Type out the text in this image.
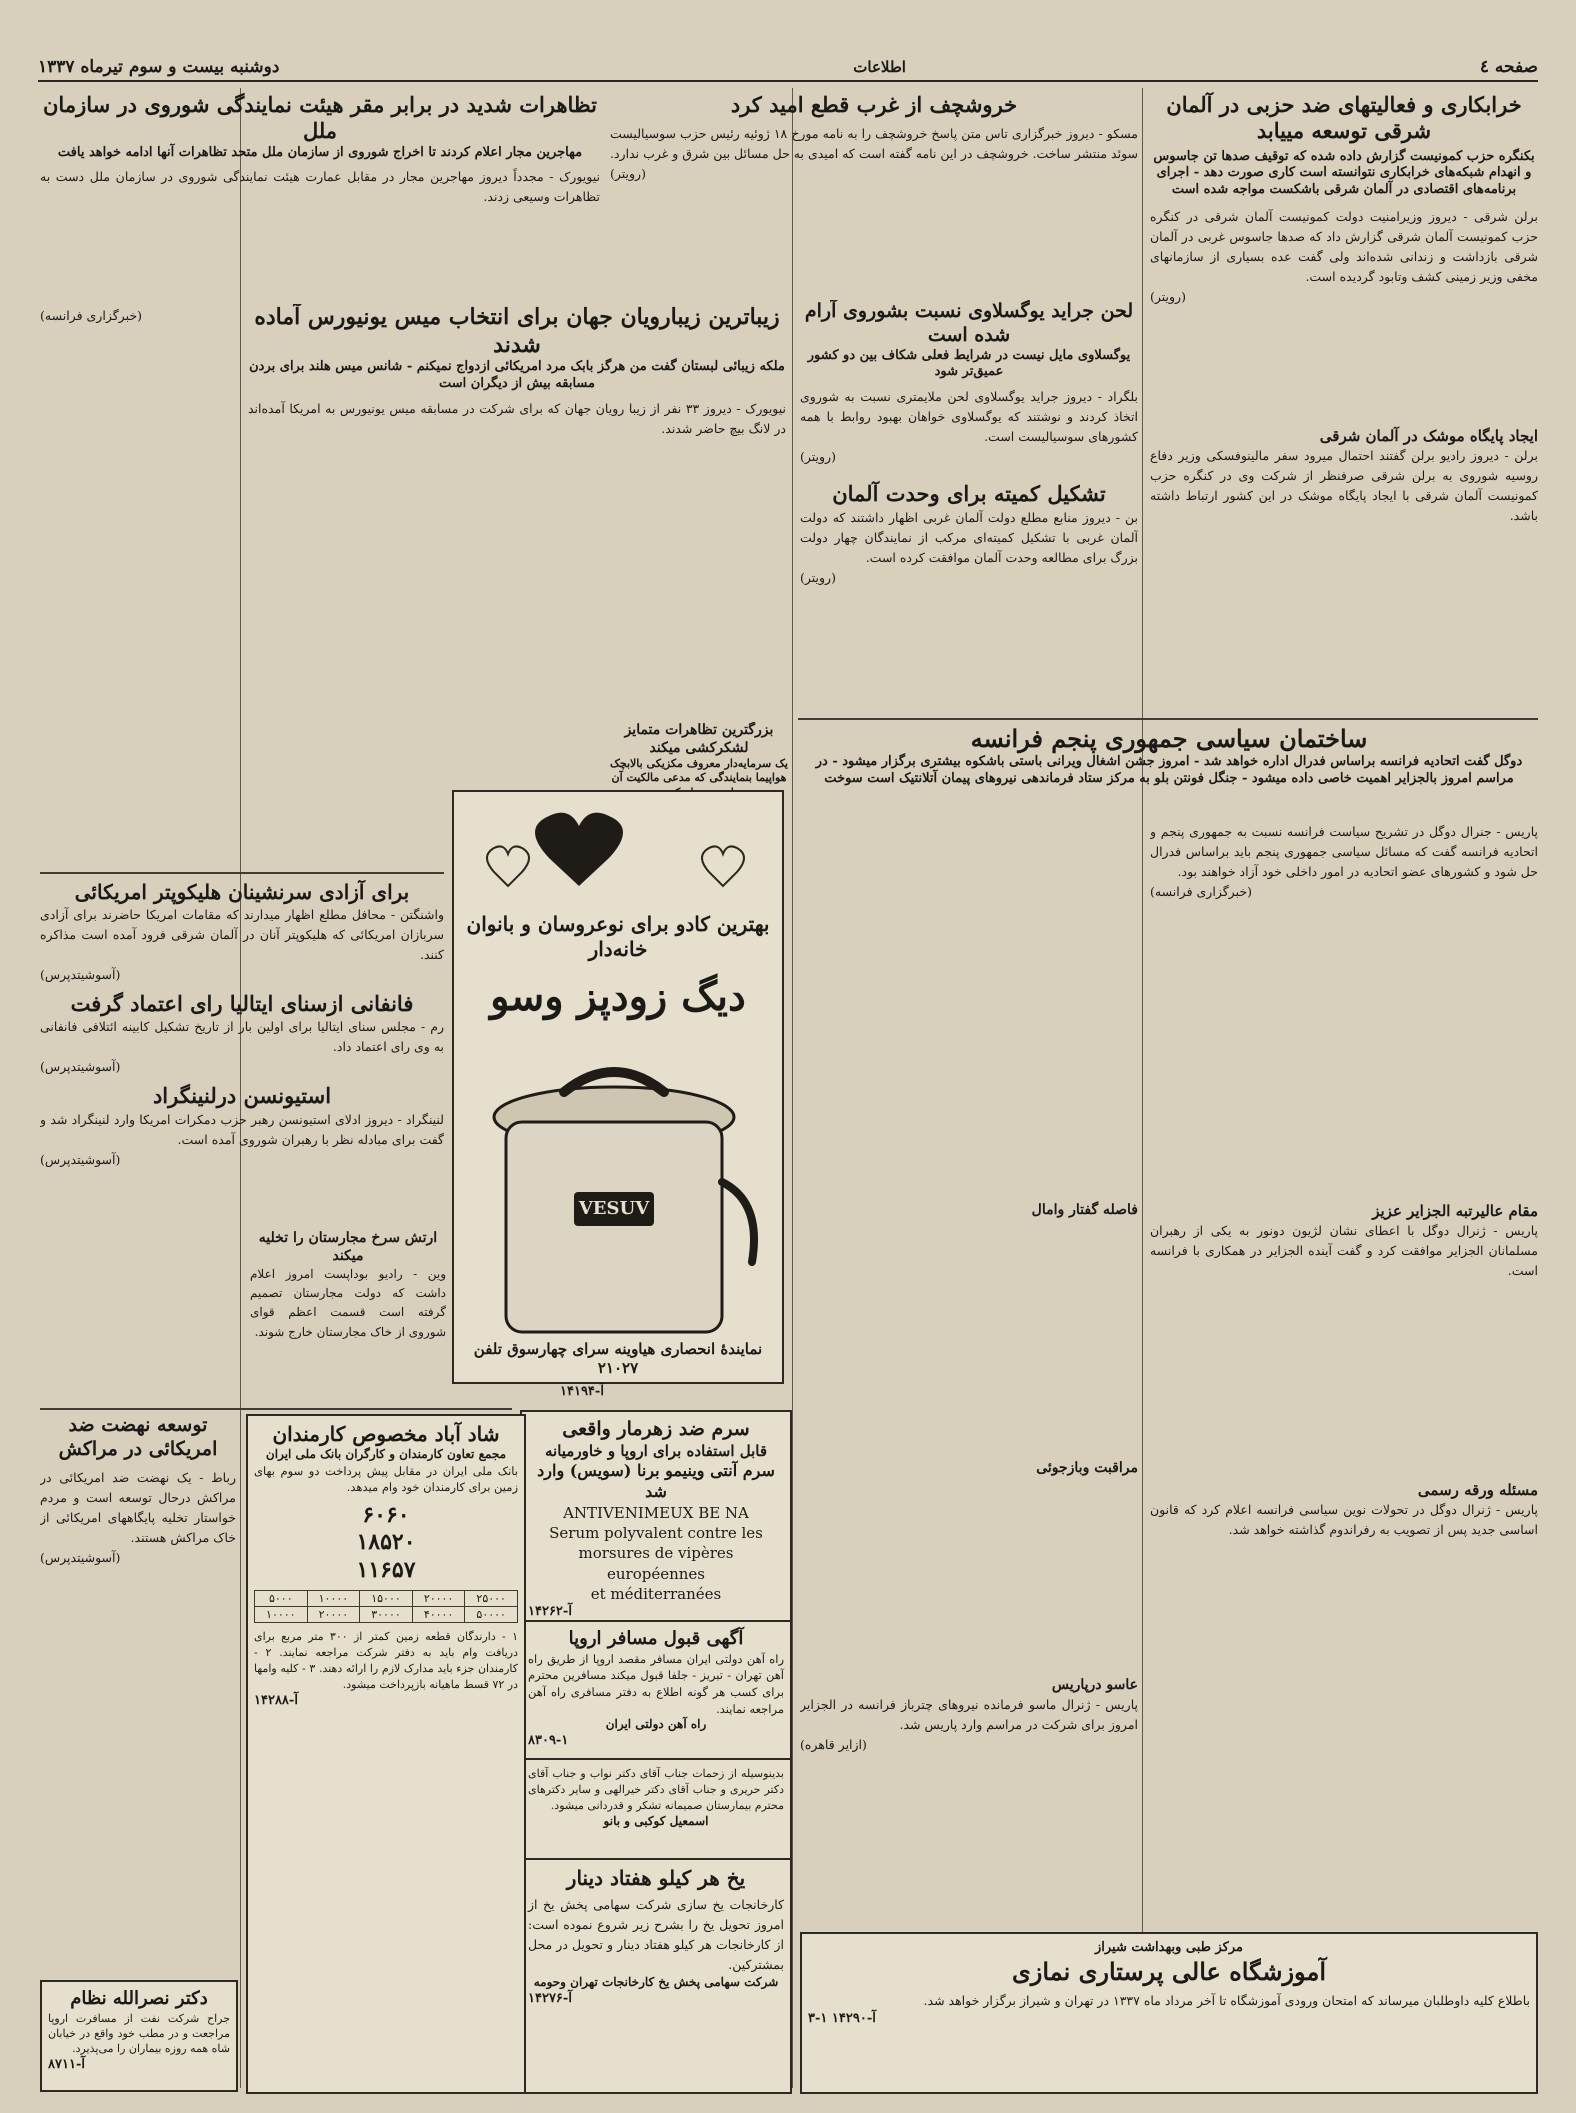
صفحه ٤
اطلاعات
دوشنبه بیست و سوم تیرماه ۱۳۳۷
خرابکاری و فعالیتهای ضد حزبی در آلمان شرقی توسعه مییابد
بکنگره حزب کمونیست گزارش داده شده که توقیف صدها تن جاسوس و انهدام شبکه‌های خرابکاری نتوانسته است کاری صورت دهد - اجرای برنامه‌های اقتصادی در آلمان شرقی باشکست مواجه شده است
برلن شرقی - دیروز وزیرامنیت دولت کمونیست آلمان شرقی در کنگره حزب کمونیست آلمان شرقی گزارش داد که صدها جاسوس غربی در آلمان شرقی بازداشت و زندانی شده‌اند ولی گفت عده بسیاری از سازمانهای مخفی وزیر زمینی کشف وتابود گردیده است.
(رویتر)
ایجاد پایگاه موشک در آلمان شرقی
برلن - دیروز رادیو برلن گفتند احتمال میرود سفر مالینوفسکی وزیر دفاع روسیه شوروی به برلن شرقی صرفنظر از شرکت وی در کنگره حزب کمونیست آلمان شرقی با ایجاد پایگاه موشک در این کشور ارتباط داشته باشد.
ساختمان سیاسی جمهوری پنجم فرانسه
دوگل گفت اتحادیه فرانسه براساس فدرال اداره خواهد شد - امروز جشن اشغال ویرانی باستی باشکوه بیشتری برگزار میشود - در مراسم امروز بالجزایر اهمیت خاصی داده میشود - جنگل فونتن بلو به مرکز ستاد فرماندهی نیروهای پیمان آتلانتیک است سوخت
پاریس - جنرال دوگل در تشریح سیاست فرانسه نسبت به جمهوری پنجم و اتحادیه فرانسه گفت که مسائل سیاسی جمهوری پنجم باید براساس فدرال حل شود و کشورهای عضو اتحادیه در امور داخلی خود آزاد خواهند بود.
(خبرگزاری فرانسه)
مقام عالیرتبه الجزایر عزیز
پاریس - ژنرال دوگل با اعطای نشان لژیون دونور به یکی از رهبران مسلمانان الجزایر موافقت کرد و گفت آینده الجزایر در همکاری با فرانسه است.
مسئله ورقه رسمی
پاریس - ژنرال دوگل در تحولات نوین سیاسی فرانسه اعلام کرد که قانون اساسی جدید پس از تصویب به رفراندوم گذاشته خواهد شد.
لحن جراید یوگسلاوی نسبت بشوروی آرام شده است
یوگسلاوی مایل نیست در شرایط فعلی شکاف بین دو کشور عمیق‌تر شود
بلگراد - دیروز جراید یوگسلاوی لحن ملایمتری نسبت به شوروی اتخاذ کردند و نوشتند که یوگسلاوی خواهان بهبود روابط با همه کشورهای سوسیالیست است.
(رویتر)
تشکیل کمیته برای وحدت آلمان
بن - دیروز منابع مطلع دولت آلمان غربی اظهار داشتند که دولت آلمان غربی با تشکیل کمیته‌ای مرکب از نمایندگان چهار دولت بزرگ برای مطالعه وحدت آلمان موافقت کرده است.
(رویتر)
فاصله گفتار وامال
مراقبت وبازجوئی
عاسو درپاریس
پاریس - ژنرال ماسو فرمانده نیروهای چترباز فرانسه در الجزایر امروز برای شرکت در مراسم وارد پاریس شد.
(ازایر قاهره)
مرکز طبی وبهداشت شیراز
آموزشگاه عالی پرستاری نمازی
باطلاع کلیه داوطلبان میرساند که امتحان ورودی آموزشگاه تا آخر مرداد ماه ۱۳۳۷ در تهران و شیراز برگزار خواهد شد.
۳-۱ آ-۱۴۲۹۰
خروشچف از غرب قطع امید کرد
مسکو - دیروز خبرگزاری تاس متن پاسخ خروشچف را به نامه مورخ ۱۸ ژوئیه رئیس حزب سوسیالیست سوئد منتشر ساخت. خروشچف در این نامه گفته است که امیدی به حل مسائل بین شرق و غرب ندارد.
(رویتر)
زیباترین زیبارویان جهان برای انتخاب میس یونیورس آماده شدند
ملکه زیبائی لبستان گفت من هرگز بابک مرد امریکائی ازدواج نمیکنم - شانس میس هلند برای بردن مسابقه بیش از دیگران است
نیویورک - دیروز ۳۳ نفر از زیبا رویان جهان که برای شرکت در مسابقه میس یونیورس به امریکا آمده‌اند در لانگ بیچ حاضر شدند.
بزرگترین تظاهرات متمایز لشکرکشی میکند
یک سرمایه‌دار معروف مکزیکی بالابچک هواپیما بنمایندگی که مدعی مالکیت آن
بهترین کادو برای نوعروسان و بانوان خانه‌دار
دیگ زودپز وسو
VESUV
نمایندهٔ انحصاری هیاوینه سرای چهارسوق تلفن ۲۱۰۲۷
آ-۱۴۱۹۴
ارتش سرخ مجارستان را تخلیه میکند
وین - رادیو بوداپست امروز اعلام داشت که دولت مجارستان تصمیم گرفته است قسمت اعظم قوای شوروی از خاک مجارستان خارج شوند.
سرم ضد زهرمار واقعی
قابل استفاده برای اروپا و خاورمیانه
سرم آنتی وینیمو برنا (سویس) وارد شد
ANTIVENIMEUX BE NA
Serum polyvalent contre les
morsures de vipères européennes
et méditerranées
آ-۱۴۲۶۲
آگهی قبول مسافر اروپا
راه آهن دولتی ایران مسافر مقصد اروپا از طریق راه آهن تهران - تبریز - جلفا قبول میکند مسافرین محترم برای کسب هر گونه اطلاع به دفتر مسافری راه آهن مراجعه نمایند.
راه آهن دولتی ایران
۸۳۰۹-۱
بدینوسیله از زحمات جناب آقای دکتر نواب و جناب آقای دکتر حریری و جناب آقای دکتر خیرالهی و سایر دکترهای محترم بیمارستان صمیمانه تشکر و قدردانی میشود.
اسمعیل کوکبی و بانو
یخ هر کیلو هفتاد دینار
کارخانجات یخ سازی شرکت سهامی پخش یخ از امروز تحویل یخ را بشرح زیر شروع نموده است: از کارخانجات هر کیلو هفتاد دینار و تحویل در محل بمشترکین.
شرکت سهامی پخش یخ کارخانجات تهران وحومه
آ-۱۴۲۷۶
تظاهرات شدید در برابر مقر هیئت نمایندگی شوروی در سازمان ملل
مهاجرین مجار اعلام کردند تا اخراج شوروی از سازمان ملل متحد تظاهرات آنها ادامه خواهد یافت
نیویورک - مجدداً دیروز مهاجرین مجار در مقابل عمارت هیئت نمایندگی شوروی در سازمان ملل دست به تظاهرات وسیعی زدند.
(خبرگزاری فرانسه)
برای آزادی سرنشینان هلیکوپتر امریکائی
واشنگتن - محافل مطلع اظهار میدارند که مقامات امریکا حاضرند برای آزادی سربازان امریکائی که هلیکوپتر آنان در آلمان شرقی فرود آمده است مذاکره کنند.
(آسوشیتدپرس)
فانفانی ازسنای ایتالیا رای اعتماد گرفت
رم - مجلس سنای ایتالیا برای اولین بار از تاریخ تشکیل کابینه ائتلافی فانفانی به وی رای اعتماد داد.
(آسوشیتدپرس)
استیونسن درلنینگراد
لنینگراد - دیروز ادلای استیونسن رهبر حزب دمکرات امریکا وارد لنینگراد شد و گفت برای مبادله نظر با رهبران شوروی آمده است.
(آسوشیتدپرس)
توسعه نهضت ضد امریکائی در مراکش
رباط - یک نهضت ضد امریکائی در مراکش درحال توسعه است و مردم خواستار تخلیه پایگاههای امریکائی از خاک مراکش هستند.
(آسوشیتدپرس)
دکتر نصرالله نظام
جراح شرکت نفت از مسافرت اروپا مراجعت و در مطب خود واقع در خیابان شاه همه روزه بیماران را می‌پذیرد.
آ-۸۷۱۱
شاد آباد مخصوص کارمندان
مجمع تعاون کارمندان و کارگران بانک ملی ایران
بانک ملی ایران در مقابل پیش پرداخت دو سوم بهای زمین برای کارمندان خود وام میدهد.
۶۰۶۰
۱۸۵۲۰
۱۱۶۵۷
۲۵۰۰۰	۲۰۰۰۰	۱۵۰۰۰	۱۰۰۰۰	۵۰۰۰
۵۰۰۰۰	۴۰۰۰۰	۳۰۰۰۰	۲۰۰۰۰	۱۰۰۰۰
۱ - دارندگان قطعه زمین کمتر از ۳۰۰ متر مربع برای دریافت وام باید به دفتر شرکت مراجعه نمایند. ۲ - کارمندان جزء باید مدارک لازم را ارائه دهند. ۳ - کلیه وامها در ۷۲ قسط ماهیانه بازپرداخت میشود.
آ-۱۴۲۸۸
